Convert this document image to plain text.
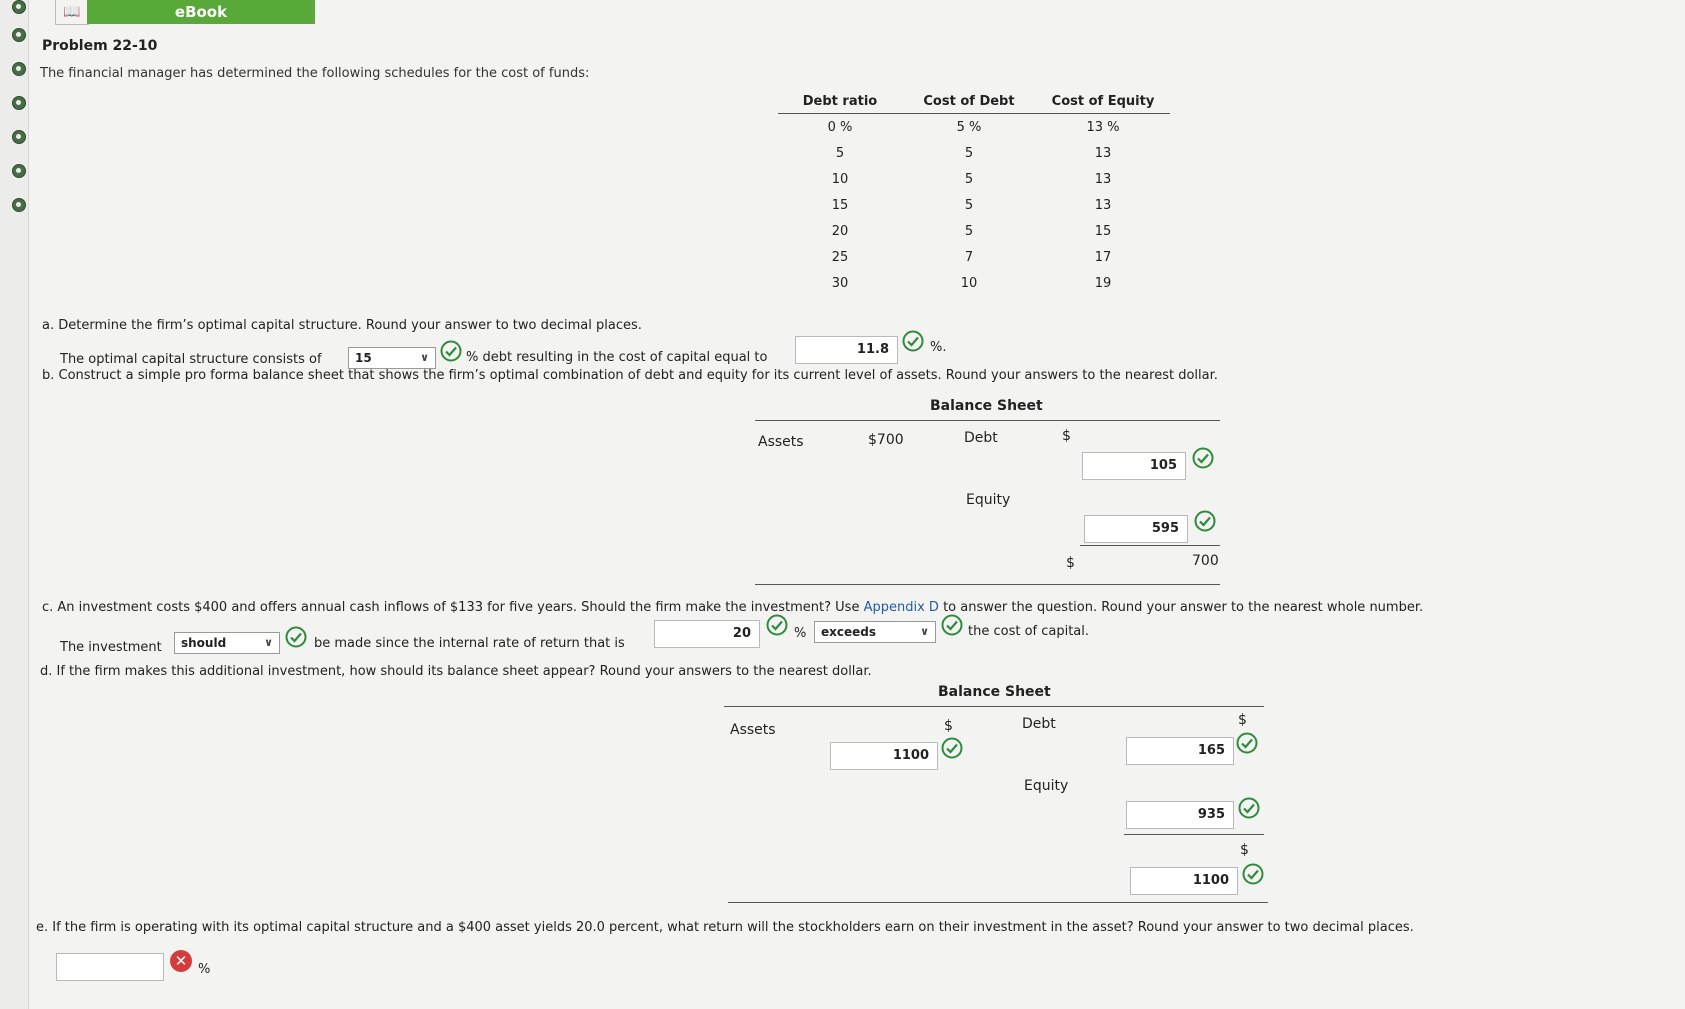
📖	eBook
Problem 22-10
The financial manager has determined the following schedules for the cost of funds:
Debt ratio	Cost of Debt	Cost of Equity
0 %	5 %	13 %
5	5	13
10	5	13
15	5	13
20	5	15
25	7	17
30	10	19
a. Determine the firm’s optimal capital structure. Round your answer to two decimal places.
The optimal capital structure consists of	15	∨	% debt resulting in the cost of capital equal to
11.8	%.
b. Construct a simple pro forma balance sheet that shows the firm’s optimal combination of debt and equity for its current level of assets. Round your answers to the nearest dollar.
Balance Sheet
Assets	$700	Debt	$
105
Equity
595
$	700
c. An investment costs $400 and offers annual cash inflows of $133 for five years. Should the firm make the investment? Use Appendix D to answer the question. Round your answer to the nearest whole number.
The investment	should	∨	be made since the internal rate of return that is
20	%	exceeds	∨	the cost of capital.
d. If the firm makes this additional investment, how should its balance sheet appear? Round your answers to the nearest dollar.
Balance Sheet
Assets	$
1100
Debt	$
165
Equity
935
$
1100
e. If the firm is operating with its optimal capital structure and a $400 asset yields 20.0 percent, what return will the stockholders earn on their investment in the asset? Round your answer to two decimal places.
✕ %
